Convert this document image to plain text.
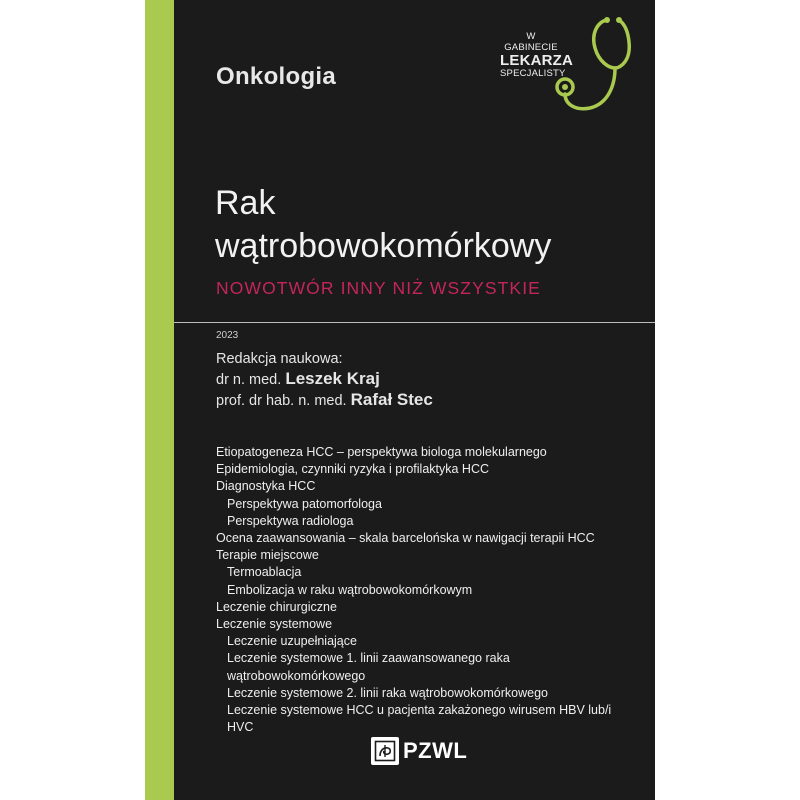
Onkologia
W GABINECIE
LEKARZA
SPECJALISTY
Rak
wątrobowokomórkowy
NOWOTWÓR INNY NIŻ WSZYSTKIE
2023
Redakcja naukowa:
dr n. med. Leszek Kraj
prof. dr hab. n. med. Rafał Stec
Etiopatogeneza HCC – perspektywa biologa molekularnego
Epidemiologia, czynniki ryzyka i profilaktyka HCC
Diagnostyka HCC
Perspektywa patomorfologa
Perspektywa radiologa
Ocena zaawansowania – skala barcelońska w nawigacji terapii HCC
Terapie miejscowe
Termoablacja
Embolizacja w raku wątrobowokomórkowym
Leczenie chirurgiczne
Leczenie systemowe
Leczenie uzupełniające
Leczenie systemowe 1. linii zaawansowanego raka wątrobowokomórkowego
Leczenie systemowe 2. linii raka wątrobowokomórkowego
Leczenie systemowe HCC u pacjenta zakażonego wirusem HBV lub/i HVC
PZWL
